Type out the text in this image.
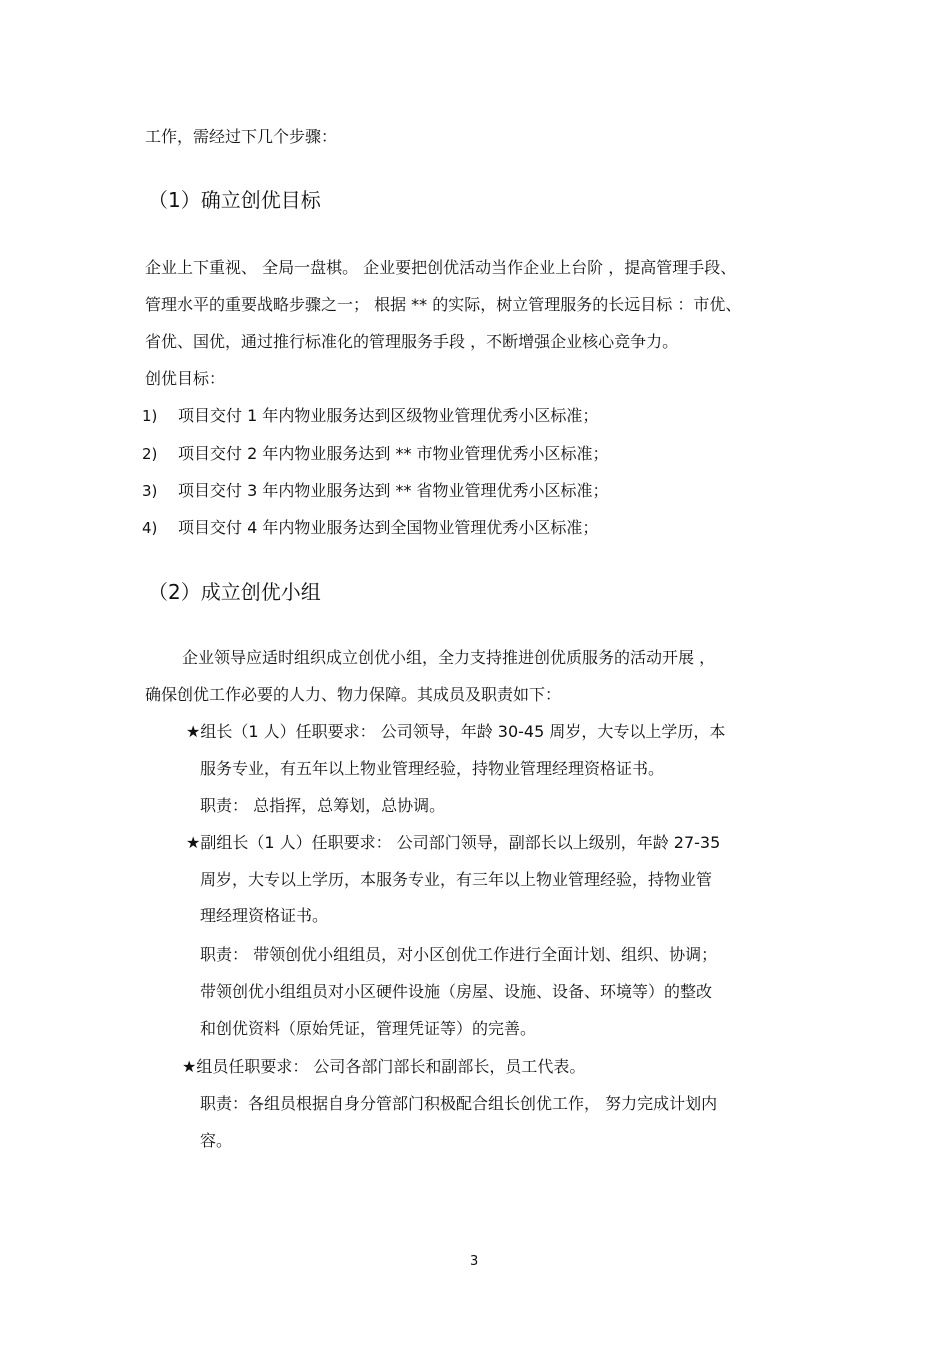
工作，需经过下几个步骤：
（1）确立创优目标
企业上下重视、 全局一盘棋。 企业要把创优活动当作企业上台阶 ，提高管理手段、
管理水平的重要战略步骤之一； 根据 ** 的实际，树立管理服务的长远目标 ：市优、
省优、国优，通过推行标准化的管理服务手段 ，不断增强企业核心竞争力。
创优目标：
1) 项目交付 1 年内物业服务达到区级物业管理优秀小区标准；
2) 项目交付 2 年内物业服务达到 ** 市物业管理优秀小区标准；
3) 项目交付 3 年内物业服务达到 ** 省物业管理优秀小区标准；
4) 项目交付 4 年内物业服务达到全国物业管理优秀小区标准；
（2）成立创优小组
企业领导应适时组织成立创优小组，全力支持推进创优质服务的活动开展 ，
确保创优工作必要的人力、物力保障。其成员及职责如下：
★组长（1 人）任职要求： 公司领导，年龄 30-45 周岁，大专以上学历，本
服务专业，有五年以上物业管理经验，持物业管理经理资格证书。
职责： 总指挥，总筹划，总协调。
★副组长（1 人）任职要求： 公司部门领导，副部长以上级别，年龄 27-35
周岁，大专以上学历，本服务专业，有三年以上物业管理经验，持物业管
理经理资格证书。
职责： 带领创优小组组员，对小区创优工作进行全面计划、组织、协调；
带领创优小组组员对小区硬件设施（房屋、设施、设备、环境等）的整改
和创优资料（原始凭证，管理凭证等）的完善。
★组员任职要求： 公司各部门部长和副部长，员工代表。
职责：各组员根据自身分管部门积极配合组长创优工作， 努力完成计划内
容。
3
